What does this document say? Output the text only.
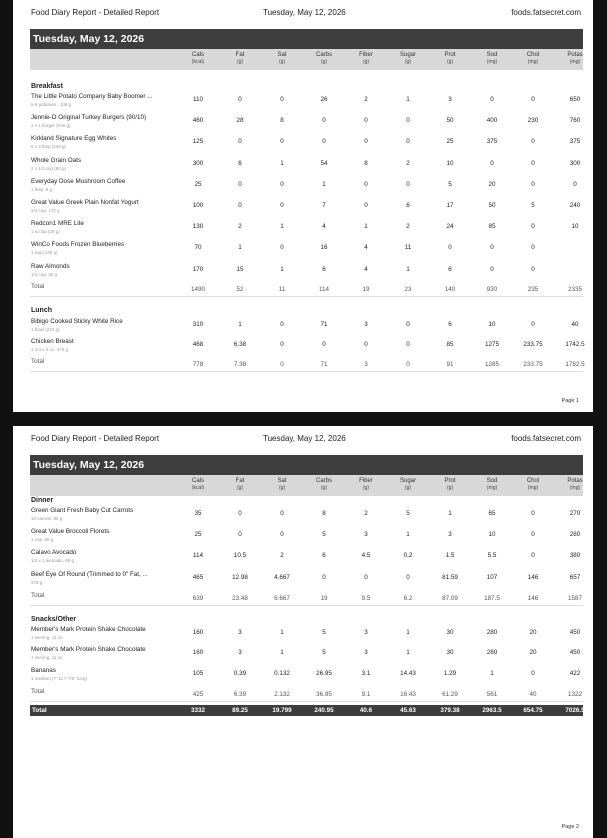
Food Diary Report - Detailed Report	Tuesday, May 12, 2026	foods.fatsecret.com
Tuesday, May 12, 2026
Cals
(kcal)
Fat
(g)
Sat
(g)
Carbs
(g)
Fiber
(g)
Sugar
(g)
Prot
(g)
Sod
(mg)
Chol
(mg)
Potas
(mg)
Breakfast
The Little Potato Company Baby Boomer ...
5-6 potatoes · 148 g
110	0	0	26	2	1	3	0	0	650
Jennie-O Original Turkey Burgers (90/10)
2 x 1 burger (226 g)
460	28	8	0	0	0	50	400	230	760
Kirkland Signature Egg Whites
5 x 3 tbsp (230 g)
125	0	0	0	0	0	25	375	0	375
Whole Grain Oats
2 x 1/3 cup (80 g)
300	6	1	54	8	2	10	0	0	300
Everyday Dose Mushroom Coffee
1 tbsp, 9 g
25	0	0	1	0	0	5	20	0	0
Great Value Greek Plain Nonfat Yogurt
2/3 cup, 170 g
100	0	0	7	0	6	17	50	5	240
Redcon1 MRE Lite
1 scoop (29 g)
130	2	1	4	1	2	24	85	0	10
WinCo Foods Frozen Blueberries
1 cup (130 g)
70	1	0	16	4	11	0	0	0
Raw Almonds
1/4 cup, 30 g
170	15	1	6	4	1	6	0	0
Total	1490	52	11	114	19	23	140	930	235	2335
Lunch
Bibigo Cooked Sticky White Rice
1 bowl (210 g)
310	1	0	71	3	0	6	10	0	40
Chicken Breast
4 1/4 x 4 oz, 476 g
468	6.38	0	0	0	0	85	1275	233.75	1742.5
Total	778	7.38	0	71	3	0	91	1285	233.75	1782.5
Page 1
Food Diary Report - Detailed Report	Tuesday, May 12, 2026	foods.fatsecret.com
Tuesday, May 12, 2026
Cals
(kcal)
Fat
(g)
Sat
(g)
Carbs
(g)
Fiber
(g)
Sugar
(g)
Prot
(g)
Sod
(mg)
Chol
(mg)
Potas
(mg)
Dinner
Green Giant Fresh Baby Cut Carrots
10 carrots, 85 g
35	0	0	8	2	5	1	65	0	270
Great Value Broccoli Florets
1 cup, 85 g
25	0	0	5	3	1	3	10	0	280
Calavo Avocado
1/2 x 1 avocado, 68 g
114	10.5	2	6	4.5	0.2	1.5	5.5	0	380
Beef Eye Of Round (Trimmed to 0" Fat, ...
275 g
465	12.98	4.667	0	0	0	81.59	107	146	657
Total	639	23.48	6.667	19	9.5	6.2	87.09	187.5	146	1587
Snacks/Other
Member's Mark Protein Shake Chocolate
1 serving, 11 oz
160	3	1	5	3	1	30	280	20	450
Member's Mark Protein Shake Chocolate
1 serving, 11 oz
160	3	1	5	3	1	30	280	20	450
Bananas
1 medium (7" to 7-7/8" long)
105	0.39	0.132	26.95	3.1	14.43	1.29	1	0	422
Total	425	6.39	2.132	36.95	9.1	16.43	61.29	561	40	1322
Total	3332	89.25	19.799	240.95	40.6	45.63	379.38	2963.5	654.75	7026.5
Page 2
